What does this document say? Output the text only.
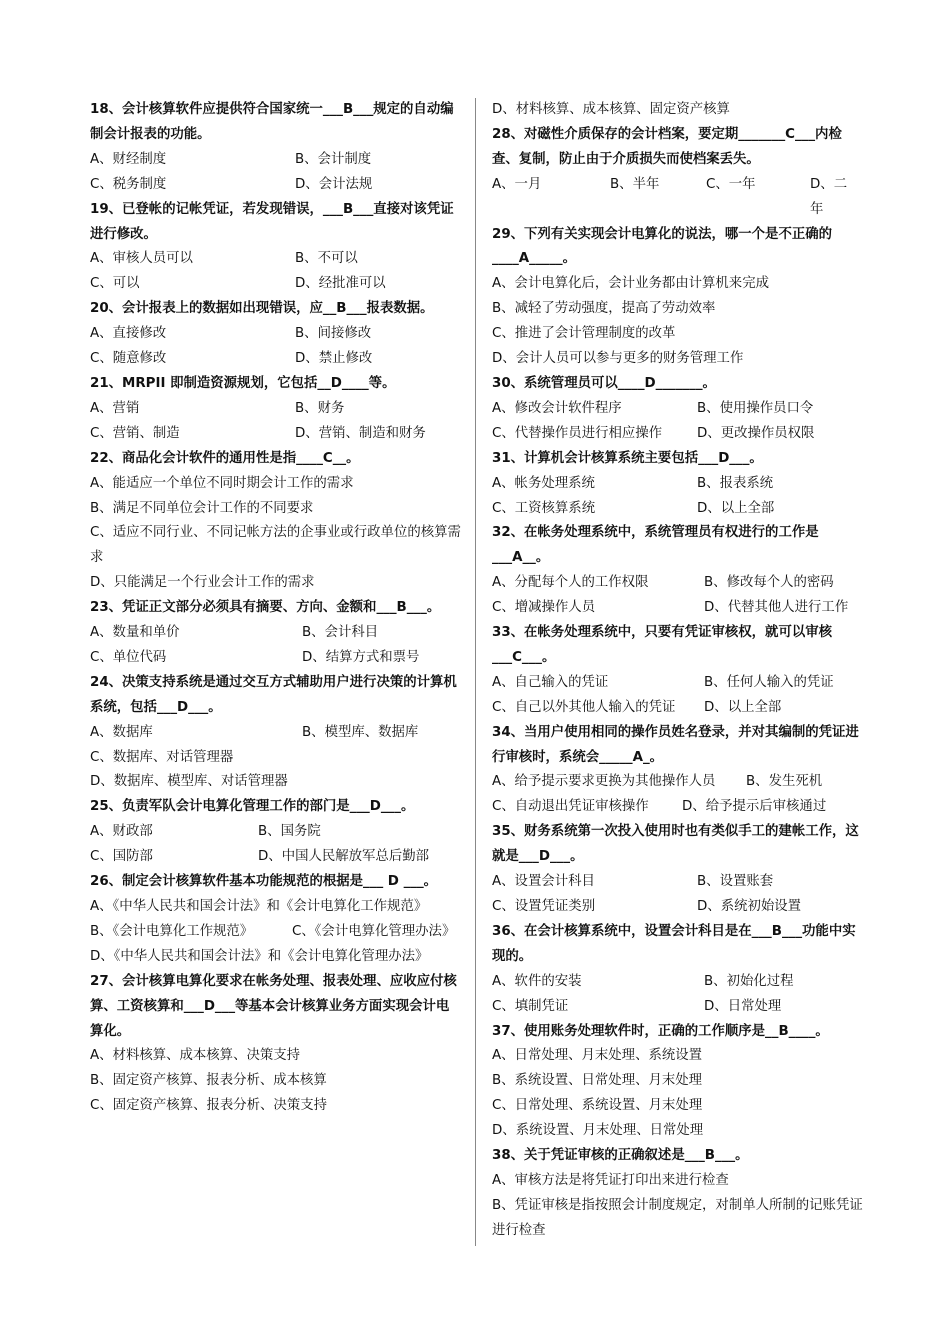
18、会计核算软件应提供符合国家统一___B___规定的自动编制会计报表的功能。
A、财经制度	B、会计制度
C、税务制度	D、会计法规
19、已登帐的记帐凭证，若发现错误，___B___直接对该凭证进行修改。
A、审核人员可以	B、不可以
C、可以	D、经批准可以
20、会计报表上的数据如出现错误，应__B___报表数据。
A、直接修改	B、间接修改
C、随意修改	D、禁止修改
21、MRPII 即制造资源规划，它包括__D____等。
A、营销	B、财务
C、营销、制造	D、营销、制造和财务
22、商品化会计软件的通用性是指____C__。
A、能适应一个单位不同时期会计工作的需求
B、满足不同单位会计工作的不同要求
C、适应不同行业、不同记帐方法的企事业或行政单位的核算需求
D、只能满足一个行业会计工作的需求
23、凭证正文部分必须具有摘要、方向、金额和___B___。
A、数量和单价	B、会计科目
C、单位代码	D、结算方式和票号
24、决策支持系统是通过交互方式辅助用户进行决策的计算机系统，包括___D___。
A、数据库	B、模型库、数据库
C、数据库、对话管理器
D、数据库、模型库、对话管理器
25、负责军队会计电算化管理工作的部门是___D___。
A、财政部	B、国务院
C、国防部	D、中国人民解放军总后勤部
26、制定会计核算软件基本功能规范的根据是___ D ___。
A、《中华人民共和国会计法》和《会计电算化工作规范》
B、《会计电算化工作规范》	C、《会计电算化管理办法》
D、《中华人民共和国会计法》和《会计电算化管理办法》
27、会计核算电算化要求在帐务处理、报表处理、应收应付核算、工资核算和___D___等基本会计核算业务方面实现会计电算化。
A、材料核算、成本核算、决策支持
B、固定资产核算、报表分析、成本核算
C、固定资产核算、报表分析、决策支持
D、材料核算、成本核算、固定资产核算
28、对磁性介质保存的会计档案，要定期_______C___内检查、复制，防止由于介质损失而使档案丢失。
A、一月	B、半年	C、一年	D、二年
29、下列有关实现会计电算化的说法，哪一个是不正确的____A_____。
A、会计电算化后，会计业务都由计算机来完成
B、减轻了劳动强度，提高了劳动效率
C、推进了会计管理制度的改革
D、会计人员可以参与更多的财务管理工作
30、系统管理员可以____D_______。
A、修改会计软件程序	B、使用操作员口令
C、代替操作员进行相应操作	D、更改操作员权限
31、计算机会计核算系统主要包括___D___。
A、帐务处理系统	B、报表系统
C、工资核算系统	D、以上全部
32、在帐务处理系统中，系统管理员有权进行的工作是___A__。
A、分配每个人的工作权限	B、修改每个人的密码
C、增减操作人员	D、代替其他人进行工作
33、在帐务处理系统中，只要有凭证审核权，就可以审核___C___。
A、自己输入的凭证	B、任何人输入的凭证
C、自己以外其他人输入的凭证	D、以上全部
34、当用户使用相同的操作员姓名登录，并对其编制的凭证进行审核时，系统会_____A_。
A、给予提示要求更换为其他操作人员	B、发生死机
C、自动退出凭证审核操作	D、给予提示后审核通过
35、财务系统第一次投入使用时也有类似手工的建帐工作，这就是___D___。
A、设置会计科目	B、设置账套
C、设置凭证类别	D、系统初始设置
36、在会计核算系统中，设置会计科目是在___B___功能中实现的。
A、软件的安装	B、初始化过程
C、填制凭证	D、日常处理
37、使用账务处理软件时，正确的工作顺序是__B____。
A、日常处理、月末处理、系统设置
B、系统设置、日常处理、月末处理
C、日常处理、系统设置、月末处理
D、系统设置、月末处理、日常处理
38、关于凭证审核的正确叙述是___B___。
A、审核方法是将凭证打印出来进行检查
B、凭证审核是指按照会计制度规定，对制单人所制的记账凭证进行检查
